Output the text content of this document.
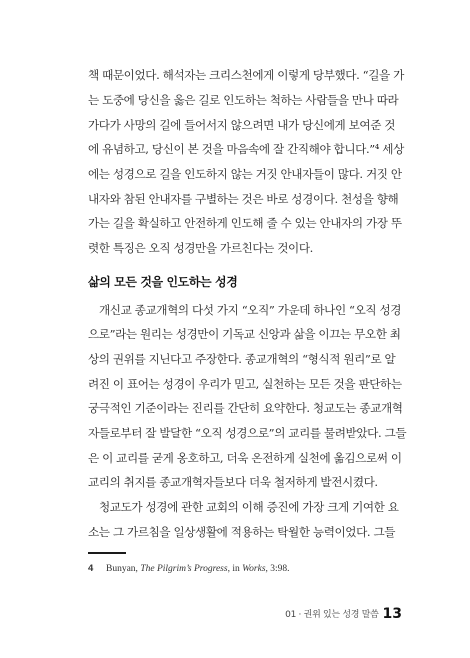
책 때문이었다. 해석자는 크리스천에게 이렇게 당부했다. “길을 가
는 도중에 당신을 옳은 길로 인도하는 척하는 사람들을 만나 따라
가다가 사망의 길에 들어서지 않으려면 내가 당신에게 보여준 것
에 유념하고, 당신이 본 것을 마음속에 잘 간직해야 합니다.”⁴ 세상
에는 성경으로 길을 인도하지 않는 거짓 안내자들이 많다. 거짓 안
내자와 참된 안내자를 구별하는 것은 바로 성경이다. 천성을 향해
가는 길을 확실하고 안전하게 인도해 줄 수 있는 안내자의 가장 뚜
렷한 특징은 오직 성경만을 가르친다는 것이다.
삶의 모든 것을 인도하는 성경
개신교 종교개혁의 다섯 가지 “오직” 가운데 하나인 “오직 성경
으로”라는 원리는 성경만이 기독교 신앙과 삶을 이끄는 무오한 최
상의 권위를 지닌다고 주장한다. 종교개혁의 “형식적 원리”로 알
려진 이 표어는 성경이 우리가 믿고, 실천하는 모든 것을 판단하는
궁극적인 기준이라는 진리를 간단히 요약한다. 청교도는 종교개혁
자들로부터 잘 발달한 “오직 성경으로”의 교리를 물려받았다. 그들
은 이 교리를 굳게 옹호하고, 더욱 온전하게 실천에 옮김으로써 이
교리의 취지를 종교개혁자들보다 더욱 철저하게 발전시켰다.
청교도가 성경에 관한 교회의 이해 증진에 가장 크게 기여한 요
소는 그 가르침을 일상생활에 적용하는 탁월한 능력이었다. 그들
4 Bunyan, The Pilgrim’s Progress, in Works, 3:98.
01 · 권위 있는 성경 말씀 13
